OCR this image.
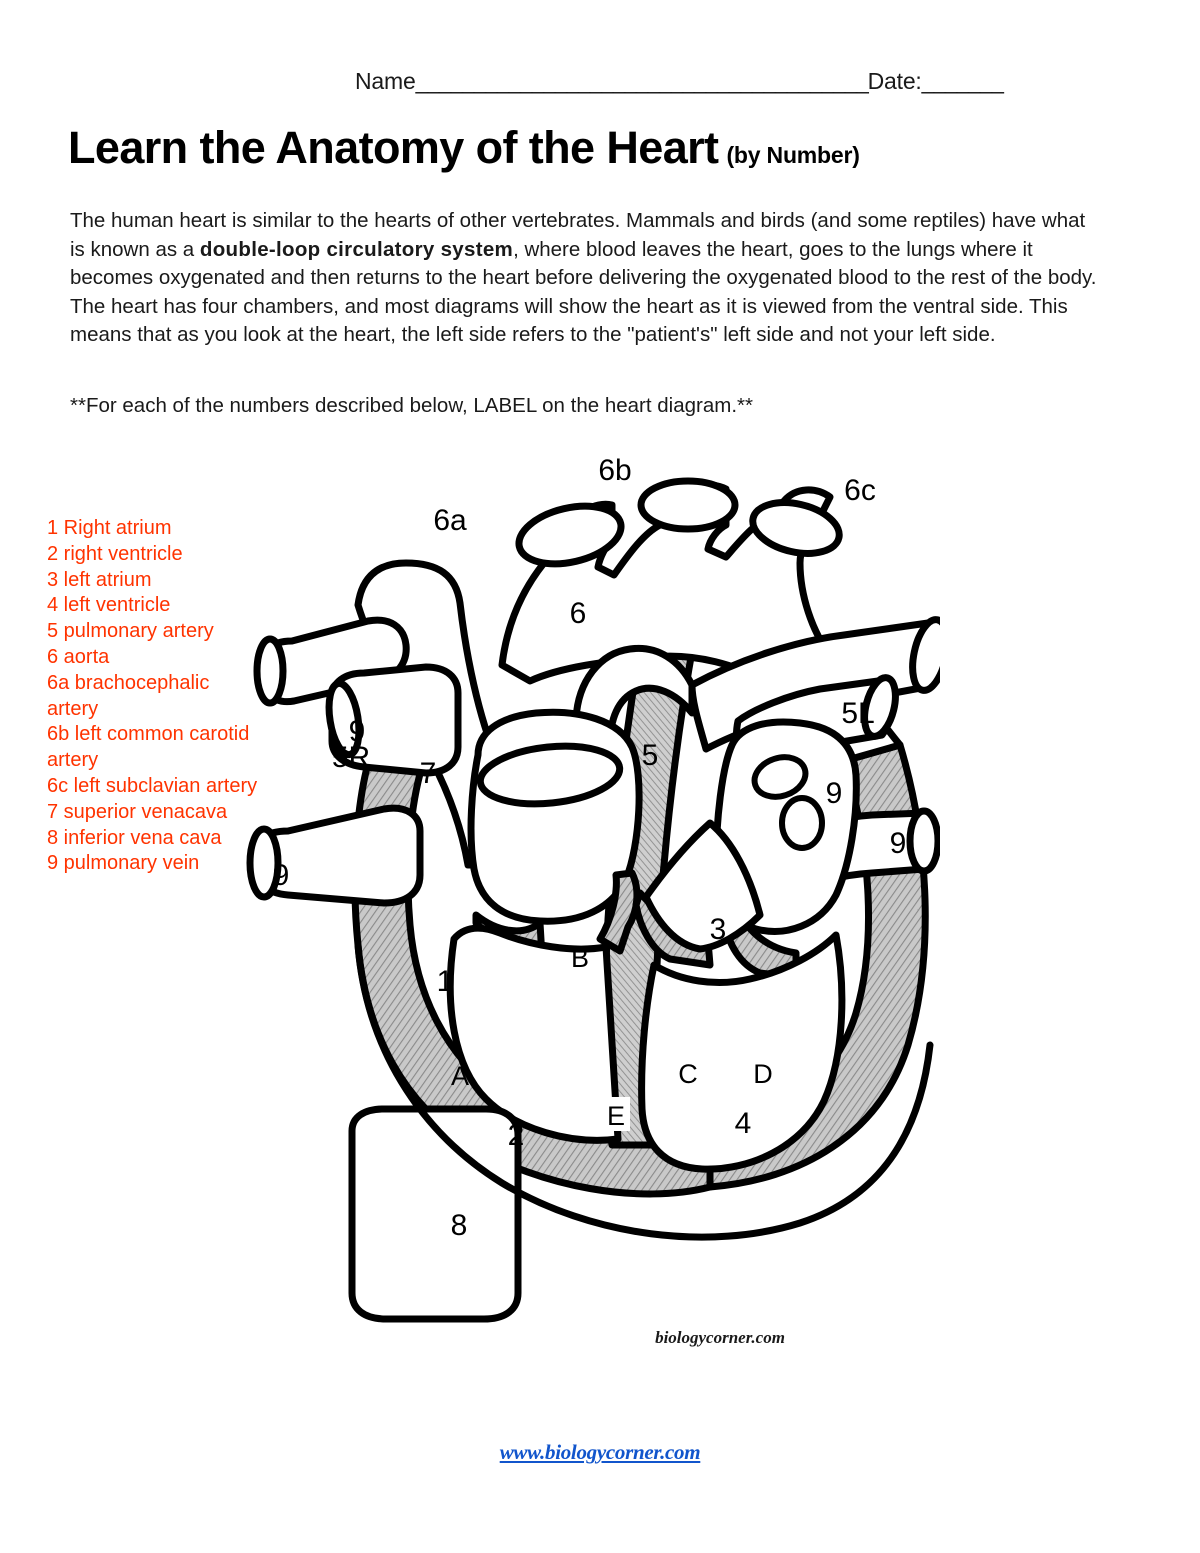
Name_______________________________________Date:_______
Learn the Anatomy of the Heart (by Number)
The human heart is similar to the hearts of other vertebrates. Mammals and birds (and some reptiles) have what is known as a double-loop circulatory system, where blood leaves the heart, goes to the lungs where it becomes oxygenated and then returns to the heart before delivering the oxygenated blood to the rest of the body. The heart has four chambers, and most diagrams will show the heart as it is viewed from the ventral side. This means that as you look at the heart, the left side refers to the "patient's" left side and not your left side.
**For each of the numbers described below, LABEL on the heart diagram.**
1 Right atrium
2 right ventricle
3 left atrium
4 left ventricle
5 pulmonary artery
6 aorta
6a brachocephalic artery
6b left common carotid artery
6c left subclavian artery
7 superior venacava
8 inferior vena cava
9 pulmonary vein
6a
6b
6c
6
5R 7
5
5L
9
9
9
9
1
2
3
4
8
A
B
C D
E
biologycorner.com
www.biologycorner.com
